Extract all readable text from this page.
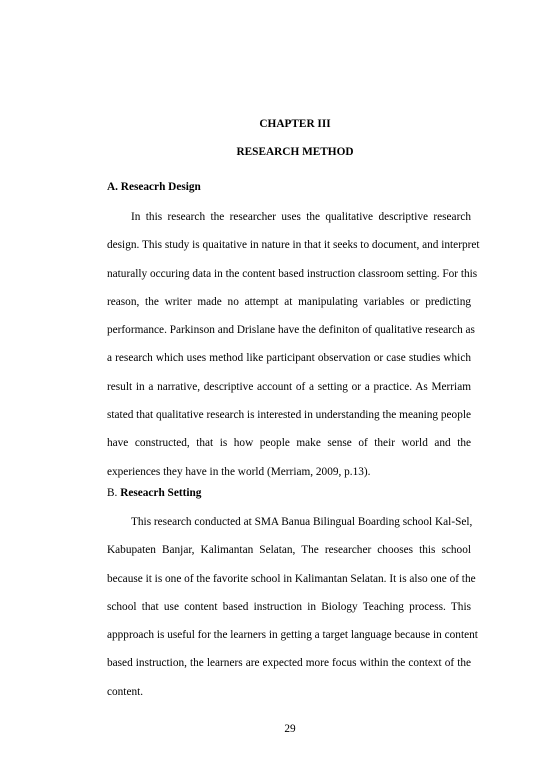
CHAPTER III
RESEARCH METHOD
A. Reseacrh Design
In this research the researcher uses the qualitative descriptive research
design. This study is quaitative in nature in that it seeks to document, and interpret
naturally occuring data in the content based instruction classroom setting. For this
reason, the writer made no attempt at manipulating variables or predicting
performance. Parkinson and Drislane have the definiton of qualitative research as
a research which uses method like participant observation or case studies which
result in a narrative, descriptive account of a setting or a practice. As Merriam
stated that qualitative research is interested in understanding the meaning people
have constructed, that is how people make sense of their world and the
experiences they have in the world (Merriam, 2009, p.13).
B. Reseacrh Setting
This research conducted at SMA Banua Bilingual Boarding school Kal-Sel,
Kabupaten Banjar, Kalimantan Selatan, The researcher chooses this school
because it is one of the favorite school in Kalimantan Selatan. It is also one of the
school that use content based instruction in Biology Teaching process. This
appproach is useful for the learners in getting a target language because in content
based instruction, the learners are expected more focus within the context of the
content.
29
